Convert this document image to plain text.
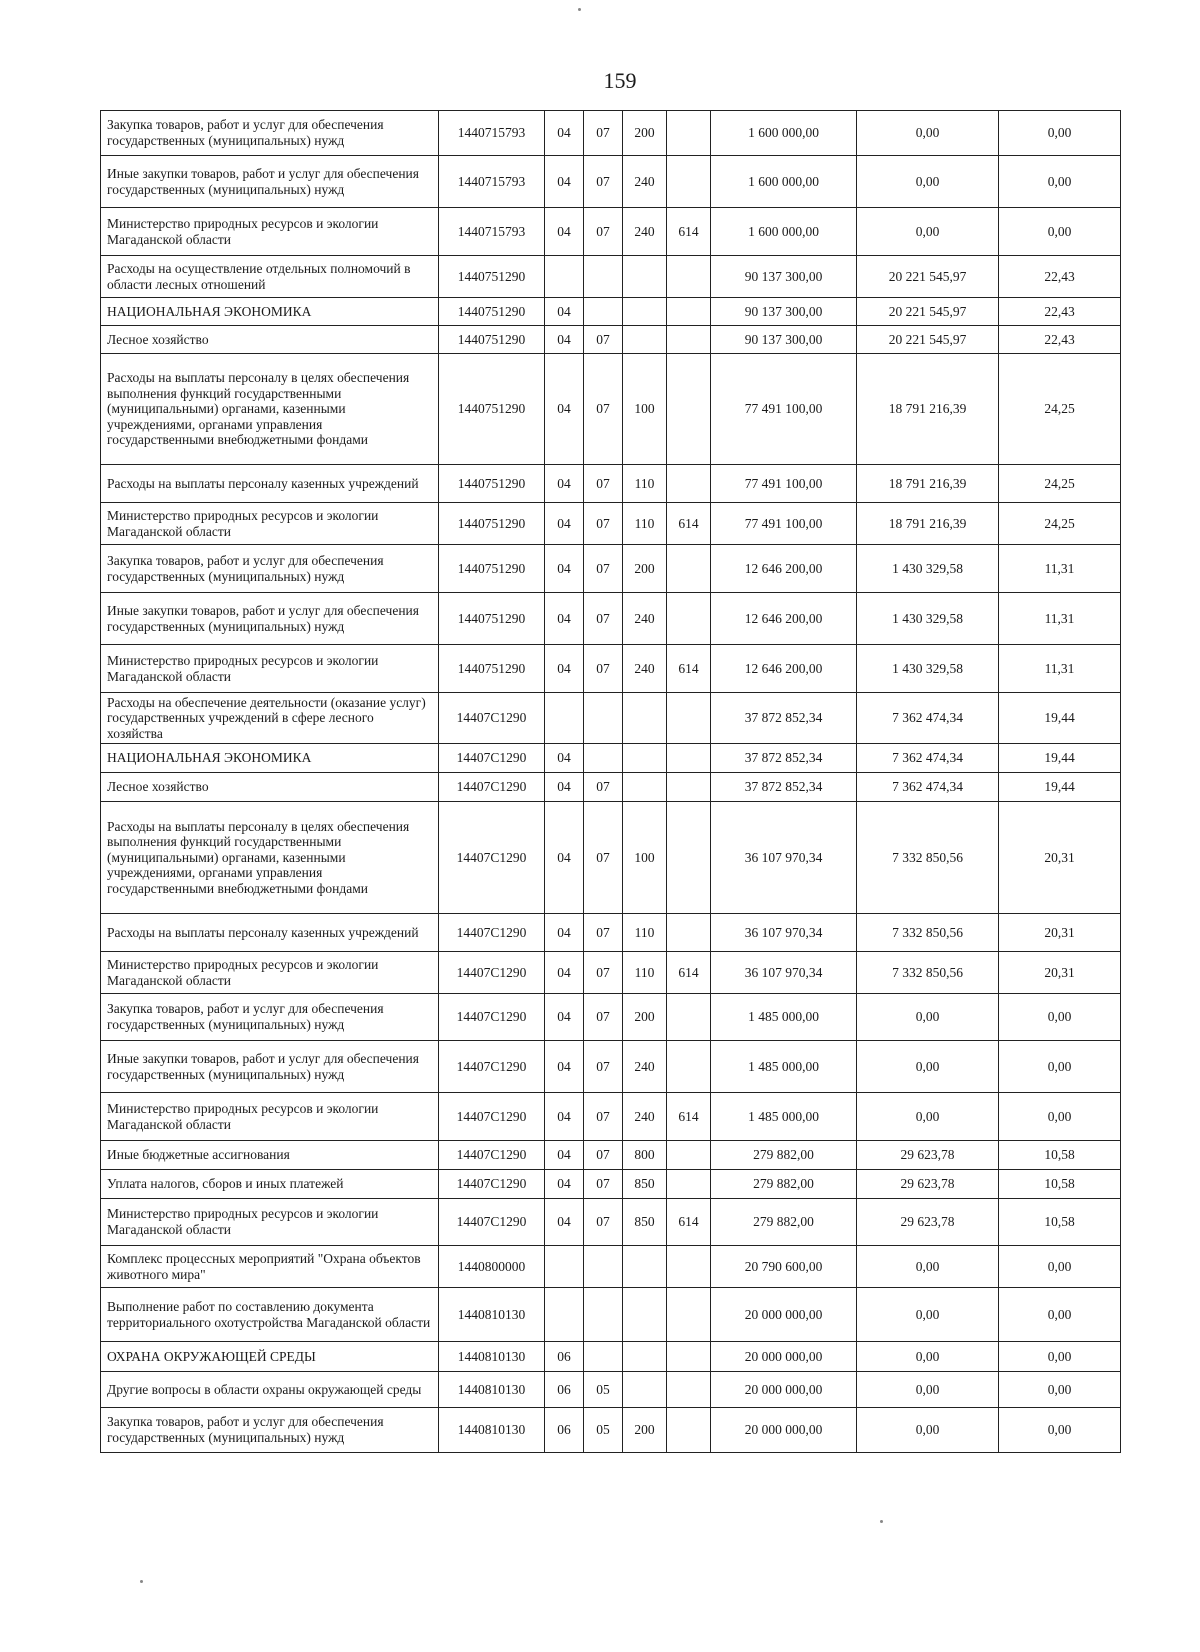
159
Закупка товаров, работ и услуг для обеспечения государственных (муниципальных) нужд	1440715793	04	07	200		1 600 000,00	0,00	0,00
Иные закупки товаров, работ и услуг для обеспечения государственных (муниципальных) нужд	1440715793	04	07	240		1 600 000,00	0,00	0,00
Министерство природных ресурсов и экологии Магаданской области	1440715793	04	07	240	614	1 600 000,00	0,00	0,00
Расходы на осуществление отдельных полномочий в области лесных отношений	1440751290					90 137 300,00	20 221 545,97	22,43
НАЦИОНАЛЬНАЯ ЭКОНОМИКА	1440751290	04				90 137 300,00	20 221 545,97	22,43
Лесное хозяйство	1440751290	04	07			90 137 300,00	20 221 545,97	22,43
Расходы на выплаты персоналу в целях обеспечения выполнения функций государственными (муниципальными) органами, казенными учреждениями, органами управления государственными внебюджетными фондами	1440751290	04	07	100		77 491 100,00	18 791 216,39	24,25
Расходы на выплаты персоналу казенных учреждений	1440751290	04	07	110		77 491 100,00	18 791 216,39	24,25
Министерство природных ресурсов и экологии Магаданской области	1440751290	04	07	110	614	77 491 100,00	18 791 216,39	24,25
Закупка товаров, работ и услуг для обеспечения государственных (муниципальных) нужд	1440751290	04	07	200		12 646 200,00	1 430 329,58	11,31
Иные закупки товаров, работ и услуг для обеспечения государственных (муниципальных) нужд	1440751290	04	07	240		12 646 200,00	1 430 329,58	11,31
Министерство природных ресурсов и экологии Магаданской области	1440751290	04	07	240	614	12 646 200,00	1 430 329,58	11,31
Расходы на обеспечение деятельности (оказание услуг) государственных учреждений в сфере лесного хозяйства	14407С1290					37 872 852,34	7 362 474,34	19,44
НАЦИОНАЛЬНАЯ ЭКОНОМИКА	14407С1290	04				37 872 852,34	7 362 474,34	19,44
Лесное хозяйство	14407С1290	04	07			37 872 852,34	7 362 474,34	19,44
Расходы на выплаты персоналу в целях обеспечения выполнения функций государственными (муниципальными) органами, казенными учреждениями, органами управления государственными внебюджетными фондами	14407С1290	04	07	100		36 107 970,34	7 332 850,56	20,31
Расходы на выплаты персоналу казенных учреждений	14407С1290	04	07	110		36 107 970,34	7 332 850,56	20,31
Министерство природных ресурсов и экологии Магаданской области	14407С1290	04	07	110	614	36 107 970,34	7 332 850,56	20,31
Закупка товаров, работ и услуг для обеспечения государственных (муниципальных) нужд	14407С1290	04	07	200		1 485 000,00	0,00	0,00
Иные закупки товаров, работ и услуг для обеспечения государственных (муниципальных) нужд	14407С1290	04	07	240		1 485 000,00	0,00	0,00
Министерство природных ресурсов и экологии Магаданской области	14407С1290	04	07	240	614	1 485 000,00	0,00	0,00
Иные бюджетные ассигнования	14407С1290	04	07	800		279 882,00	29 623,78	10,58
Уплата налогов, сборов и иных платежей	14407С1290	04	07	850		279 882,00	29 623,78	10,58
Министерство природных ресурсов и экологии Магаданской области	14407С1290	04	07	850	614	279 882,00	29 623,78	10,58
Комплекс процессных мероприятий "Охрана объектов животного мира"	1440800000					20 790 600,00	0,00	0,00
Выполнение работ по составлению документа территориального охотустройства Магаданской области	1440810130					20 000 000,00	0,00	0,00
ОХРАНА ОКРУЖАЮЩЕЙ СРЕДЫ	1440810130	06				20 000 000,00	0,00	0,00
Другие вопросы в области охраны окружающей среды	1440810130	06	05			20 000 000,00	0,00	0,00
Закупка товаров, работ и услуг для обеспечения государственных (муниципальных) нужд	1440810130	06	05	200		20 000 000,00	0,00	0,00
